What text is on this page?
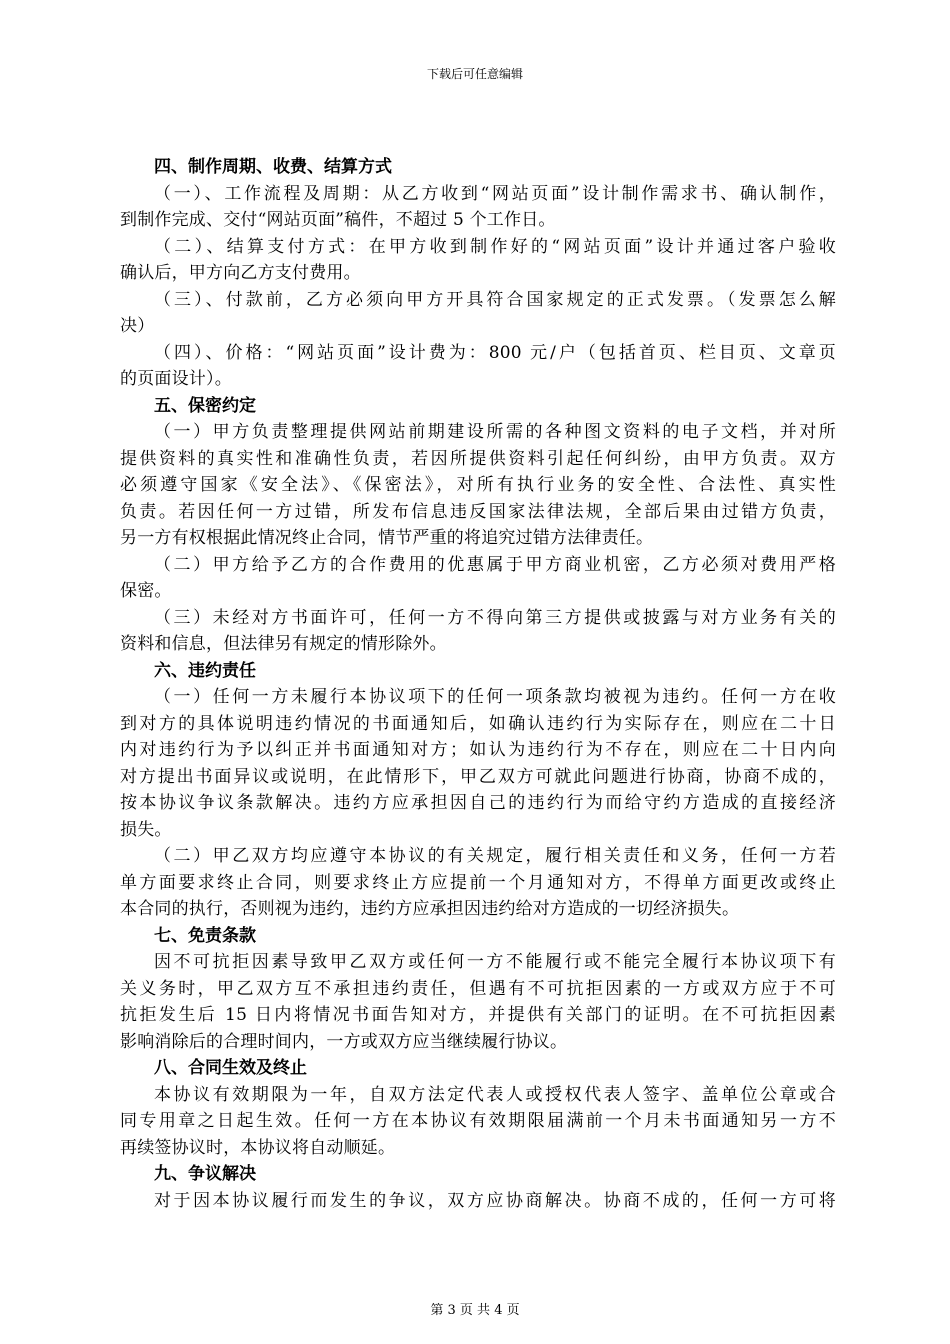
下载后可任意编辑
四、制作周期、收费、结算方式
（一）、工作流程及周期：从乙方收到“网站页面”设计制作需求书、确认制作，
到制作完成、交付“网站页面”稿件，不超过 5 个工作日。
（二）、结算支付方式：在甲方收到制作好的“网站页面”设计并通过客户验收
确认后，甲方向乙方支付费用。
（三）、付款前，乙方必须向甲方开具符合国家规定的正式发票。（发票怎么解
决）
（四）、价格：“网站页面”设计费为：800 元/户（包括首页、栏目页、文章页
的页面设计）。
五、保密约定
（一）甲方负责整理提供网站前期建设所需的各种图文资料的电子文档，并对所
提供资料的真实性和准确性负责，若因所提供资料引起任何纠纷，由甲方负责。双方
必须遵守国家《安全法》、《保密法》，对所有执行业务的安全性、合法性、真实性
负责。若因任何一方过错，所发布信息违反国家法律法规，全部后果由过错方负责，
另一方有权根据此情况终止合同，情节严重的将追究过错方法律责任。
（二）甲方给予乙方的合作费用的优惠属于甲方商业机密，乙方必须对费用严格
保密。
（三）未经对方书面许可，任何一方不得向第三方提供或披露与对方业务有关的
资料和信息，但法律另有规定的情形除外。
六、违约责任
（一）任何一方未履行本协议项下的任何一项条款均被视为违约。任何一方在收
到对方的具体说明违约情况的书面通知后，如确认违约行为实际存在，则应在二十日
内对违约行为予以纠正并书面通知对方；如认为违约行为不存在，则应在二十日内向
对方提出书面异议或说明，在此情形下，甲乙双方可就此问题进行协商，协商不成的，
按本协议争议条款解决。违约方应承担因自己的违约行为而给守约方造成的直接经济
损失。
（二）甲乙双方均应遵守本协议的有关规定，履行相关责任和义务，任何一方若
单方面要求终止合同，则要求终止方应提前一个月通知对方，不得单方面更改或终止
本合同的执行，否则视为违约，违约方应承担因违约给对方造成的一切经济损失。
七、免责条款
因不可抗拒因素导致甲乙双方或任何一方不能履行或不能完全履行本协议项下有
关义务时，甲乙双方互不承担违约责任，但遇有不可抗拒因素的一方或双方应于不可
抗拒发生后 15 日内将情况书面告知对方，并提供有关部门的证明。在不可抗拒因素
影响消除后的合理时间内，一方或双方应当继续履行协议。
八、合同生效及终止
本协议有效期限为一年，自双方法定代表人或授权代表人签字、盖单位公章或合
同专用章之日起生效。任何一方在本协议有效期限届满前一个月未书面通知另一方不
再续签协议时，本协议将自动顺延。
九、争议解决
对于因本协议履行而发生的争议，双方应协商解决。协商不成的，任何一方可将
第 3 页 共 4 页
